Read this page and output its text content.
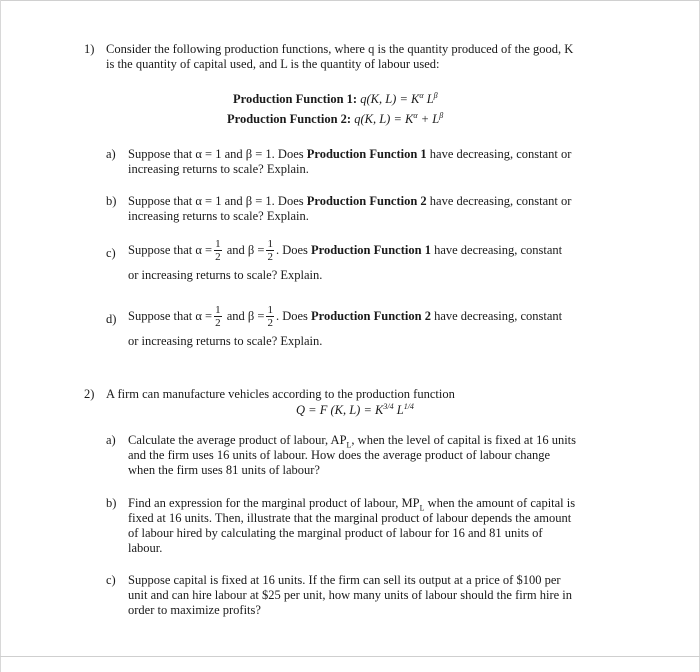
1) Consider the following production functions, where q is the quantity produced of the good, K
is the quantity of capital used, and L is the quantity of labour used:
Production Function 1: q(K, $L) = K^\alpha$ $L^\beta$
Production Function 2: q(K, $L) = K^\alpha + L^\beta$
a) Suppose that α = 1 and β = 1. Does Production Function 1 have decreasing, constant or
increasing returns to scale? Explain.
b) Suppose that α = 1 and β = 1. Does Production Function 2 have decreasing, constant or
increasing returns to scale? Explain.
c) Suppose that $\alpha = \frac{1}{2}$ and $\beta = \frac{1}{2}$ . Does Production Function 1 have decreasing, constant
or increasing returns to scale? Explain.
d) Suppose that $\alpha = \frac{1}{2}$ and $\beta = \frac{1}{2}$ . Does Production Function 2 have decreasing, constant
or increasing returns to scale? Explain.
2) A firm can manufacture vehicles according to the production function
Q = F (K, $L) = K^{3/4}$ $L^{1/4}$
a) Calculate the average product of labour, $AP_L$, when the level of capital is fixed at 16 units
and the firm uses 16 units of labour. How does the average product of labour change
when the firm uses 81 units of labour?
b) Find an expression for the marginal product of labour, $MP_L$ when the amount of capital is
fixed at 16 units. Then, illustrate that the marginal product of labour depends the amount
of labour hired by calculating the marginal product of labour for 16 and 81 units of
labour.
c) Suppose capital is fixed at 16 units. If the firm can sell its output at a price of $100 per
unit and can hire labour at $25 per unit, how many units of labour should the firm hire in
order to maximize profits?
